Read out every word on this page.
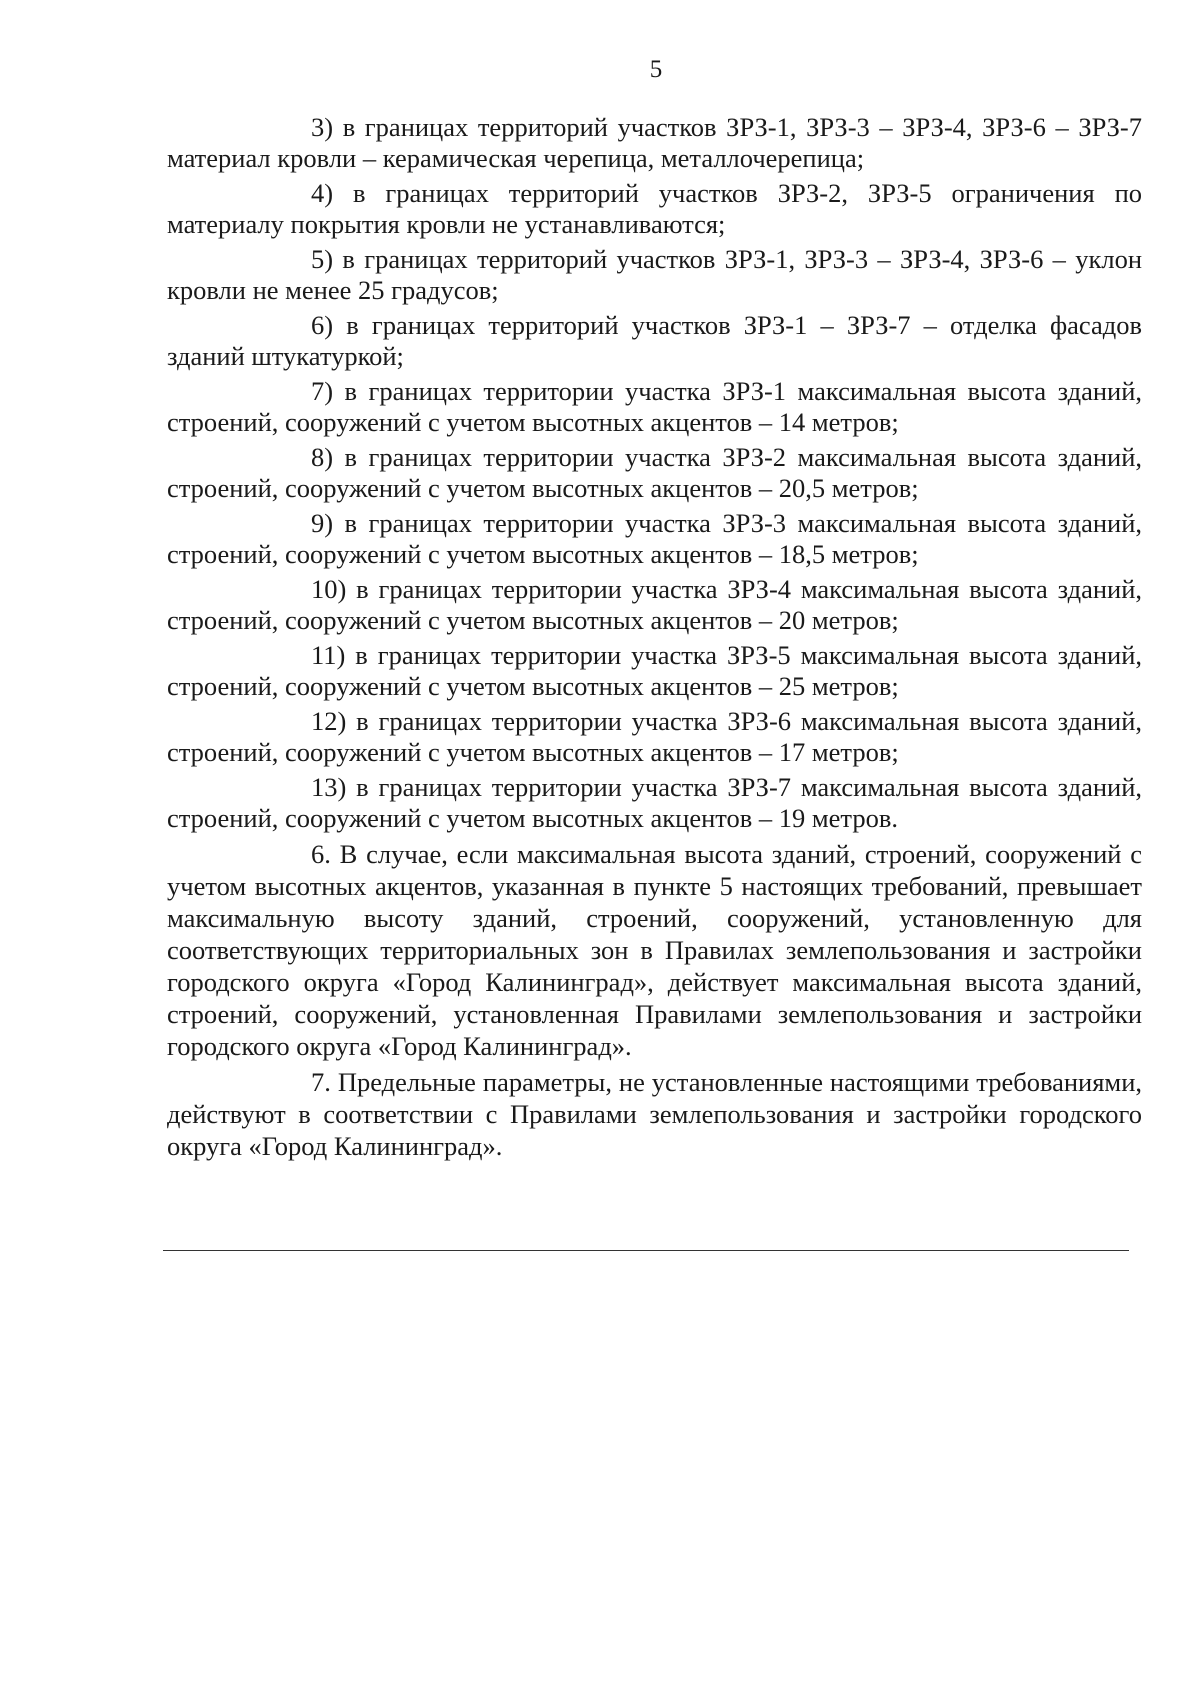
5

3) в границах территорий участков ЗРЗ-1, ЗРЗ-3 – ЗРЗ-4, ЗРЗ-6 – ЗРЗ-7 материал кровли – керамическая черепица, металлочерепица;

4) в границах территорий участков ЗРЗ-2, ЗРЗ-5 ограничения по материалу покрытия кровли не устанавливаются;

5) в границах территорий участков ЗРЗ-1, ЗРЗ-3 – ЗРЗ-4, ЗРЗ-6 – уклон кровли не менее 25 градусов;

6) в границах территорий участков ЗРЗ-1 – ЗРЗ-7 – отделка фасадов зданий штукатуркой;

7) в границах территории участка ЗРЗ-1 максимальная высота зданий, строений, сооружений с учетом высотных акцентов – 14 метров;

8) в границах территории участка ЗРЗ-2 максимальная высота зданий, строений, сооружений с учетом высотных акцентов – 20,5 метров;

9) в границах территории участка ЗРЗ-3 максимальная высота зданий, строений, сооружений с учетом высотных акцентов – 18,5 метров;

10) в границах территории участка ЗРЗ-4 максимальная высота зданий, строений, сооружений с учетом высотных акцентов – 20 метров;

11) в границах территории участка ЗРЗ-5 максимальная высота зданий, строений, сооружений с учетом высотных акцентов – 25 метров;

12) в границах территории участка ЗРЗ-6 максимальная высота зданий, строений, сооружений с учетом высотных акцентов – 17 метров;

13) в границах территории участка ЗРЗ-7 максимальная высота зданий, строений, сооружений с учетом высотных акцентов – 19 метров.

6. В случае, если максимальная высота зданий, строений, сооружений с учетом высотных акцентов, указанная в пункте 5 настоящих требований, превышает максимальную высоту зданий, строений, сооружений, установленную для соответствующих территориальных зон в Правилах землепользования и застройки городского округа «Город Калининград», действует максимальная высота зданий, строений, сооружений, установленная Правилами землепользования и застройки городского округа «Город Калининград».

7. Предельные параметры, не установленные настоящими требованиями, действуют в соответствии с Правилами землепользования и застройки городского округа «Город Калининград».
